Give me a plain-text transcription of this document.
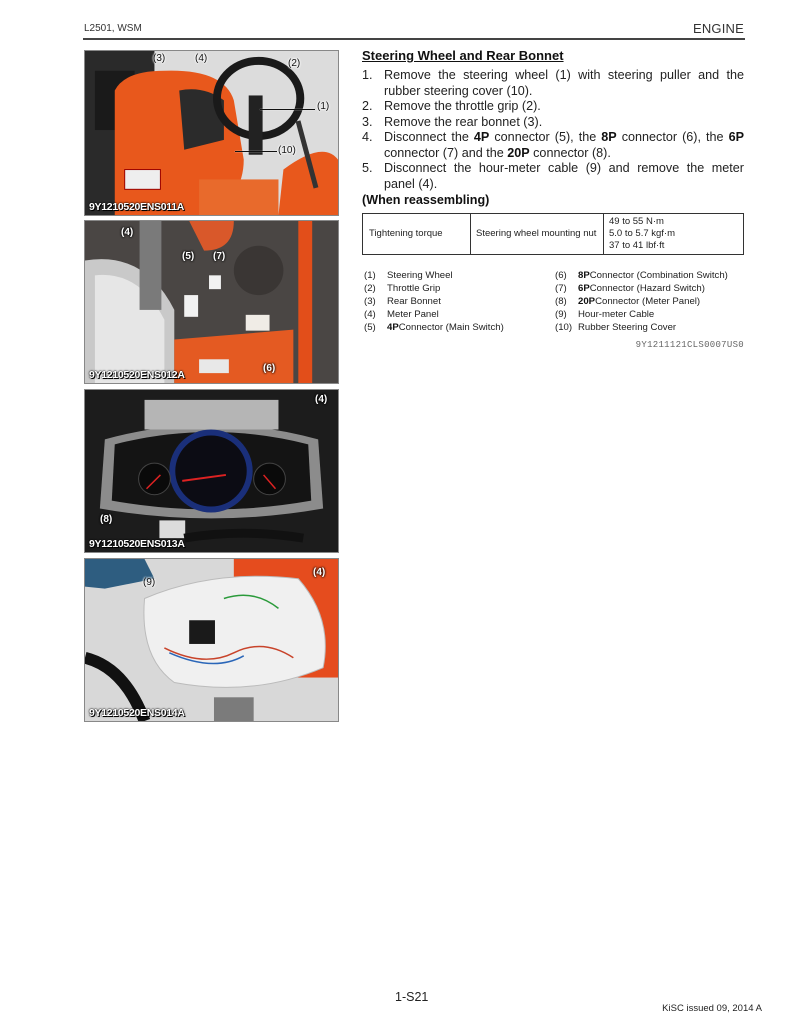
L2501, WSM	ENGINE
(3)	(4)	(2)
(1)
(10)
9Y1210520ENS011A
(4)
(5) (7)
(6)
9Y1210520ENS012A
(4)
(8)
9Y1210520ENS013A
(9)
(4)
9Y1210520ENS014A
Steering Wheel and Rear Bonnet
1. Remove the steering wheel (1) with steering puller and the rubber steering cover (10).
2. Remove the throttle grip (2).
3. Remove the rear bonnet (3).
4. Disconnect the 4P connector (5), the 8P connector (6), the 6P connector (7) and the 20P connector (8).
5. Disconnect the hour-meter cable (9) and remove the meter panel (4).
(When reassembling)
Tightening torque	Steering wheel mounting nut	
49 to 55 N·m
5.0 to 5.7 kgf·m
37 to 41 lbf·ft
(1)	Steering Wheel
(2)	Throttle Grip
(3)	Rear Bonnet
(4)	Meter Panel
(5)	4P Connector (Main Switch)
(6)	8P Connector (Combination Switch)
(7)	6P Connector (Hazard Switch)
(8)	20P Connector (Meter Panel)
(9)	Hour-meter Cable
(10) Rubber Steering Cover
9Y1211121CLS0007US0
1-S21
KiSC issued 09, 2014 A
